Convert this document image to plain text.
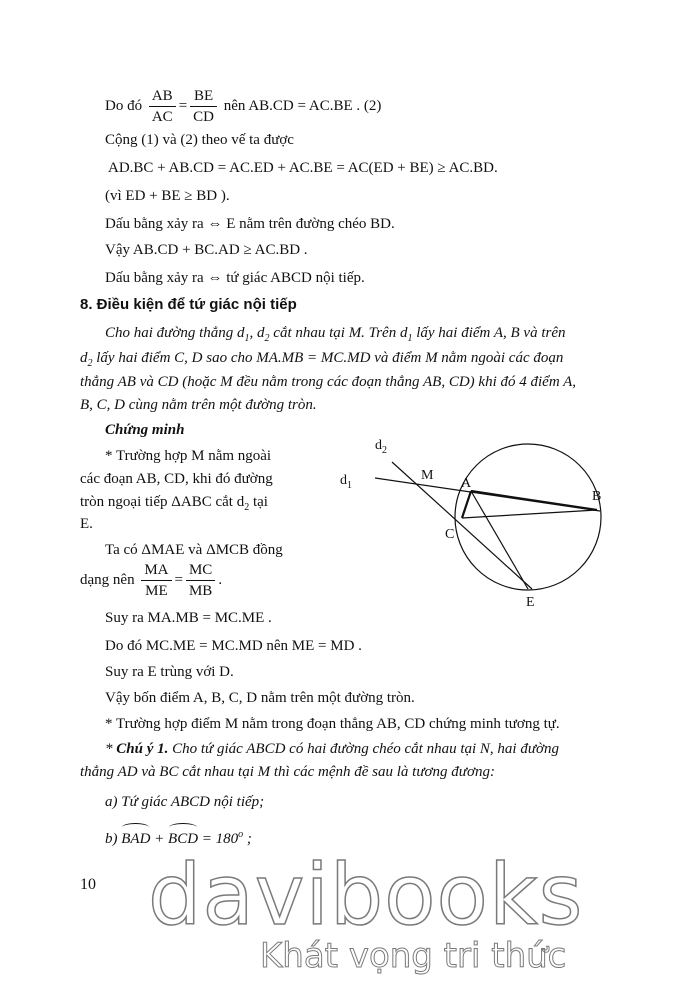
Do đó $\frac{AB}{AC} = \frac{BE}{CD}$ nên AB.CD = AC.BE . (2)
Cộng (1) và (2) theo vế ta được
AD.BC + AB.CD = AC.ED + AC.BE = AC(ED + BE) ≥ AC.BD.
(vì ED + BE ≥ BD ).
Dấu bằng xảy ra ⇔ E nằm trên đường chéo BD.
Vậy AB.CD + BC.AD ≥ AC.BD .
Dấu bằng xảy ra ⇔ tứ giác ABCD nội tiếp.
8. Điều kiện để tứ giác nội tiếp
Cho hai đường thẳng $d_1$, $d_2$ cắt nhau tại M. Trên $d_1$ lấy hai điểm A, B và trên
$d_2$ lấy hai điểm C, D sao cho MA.MB = MC.MD và điểm M nằm ngoài các đoạn
thẳng AB và CD (hoặc M đều nằm trong các đoạn thẳng AB, CD) khi đó 4 điểm A,
B, C, D cùng nằm trên một đường tròn.
Chứng minh
* Trường hợp M nằm ngoài
các đoạn AB, CD, khi đó đường
tròn ngoại tiếp ΔABC cắt $d_2$ tại
E.
Ta có ΔMAE và ΔMCB đồng
dạng nên $\frac{MA}{ME} = \frac{MC}{MB}$ .
Suy ra MA.MB = MC.ME .
Do đó MC.ME = MC.MD nên ME = MD .
Suy ra E trùng với D.
Vậy bốn điểm A, B, C, D nằm trên một đường tròn.
* Trường hợp điểm M nằm trong đoạn thẳng AB, CD chứng minh tương tự.
* Chú ý 1. Cho tứ giác ABCD có hai đường chéo cắt nhau tại N, hai đường
thẳng AD và BC cắt nhau tại M thì các mệnh đề sau là tương đương:
a) Tứ giác ABCD nội tiếp;
b) BAD + BCD = $180^o$ ;
$d_2$
$d_1$
M
A
B
C
E
10 davibooks
Khát vọng tri thức
